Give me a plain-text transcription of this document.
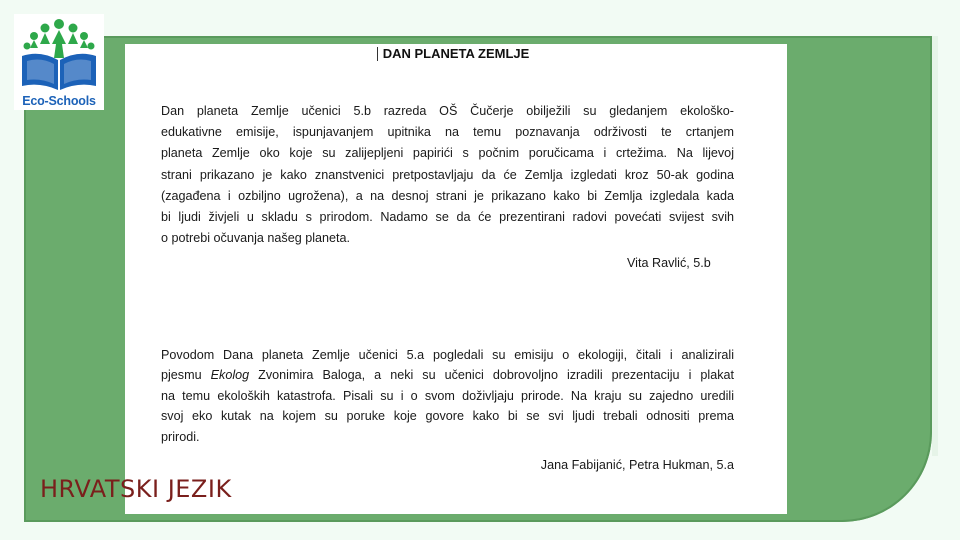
Eco-Schools
DAN PLANETA ZEMLJE
Dan planeta Zemlje učenici 5.b razreda OŠ Čučerje obilježili su gledanjem ekološko-
edukativne emisije, ispunjavanjem upitnika na temu poznavanja održivosti te crtanjem
planeta Zemlje oko koje su zalijepljeni papirići s počnim poručicama i crtežima. Na lijevoj
strani prikazano je kako znanstvenici pretpostavljaju da će Zemlja izgledati kroz 50-ak godina
(zagađena i ozbiljno ugrožena), a na desnoj strani je prikazano kako bi Zemlja izgledala kada
bi ljudi živjeli u skladu s prirodom. Nadamo se da će prezentirani radovi povećati svijest svih
o potrebi očuvanja našeg planeta.
Vita Ravlić, 5.b
Povodom Dana planeta Zemlje učenici 5.a pogledali su emisiju o ekologiji, čitali i analizirali
pjesmu Ekolog Zvonimira Baloga, a neki su učenici dobrovoljno izradili prezentaciju i plakat
na temu ekoloških katastrofa. Pisali su i o svom doživljaju prirode. Na kraju su zajedno uredili
svoj eko kutak na kojem su poruke koje govore kako bi se svi ljudi trebali odnositi prema
prirodi.
Jana Fabijanić, Petra Hukman, 5.a
HRVATSKI JEZIK
